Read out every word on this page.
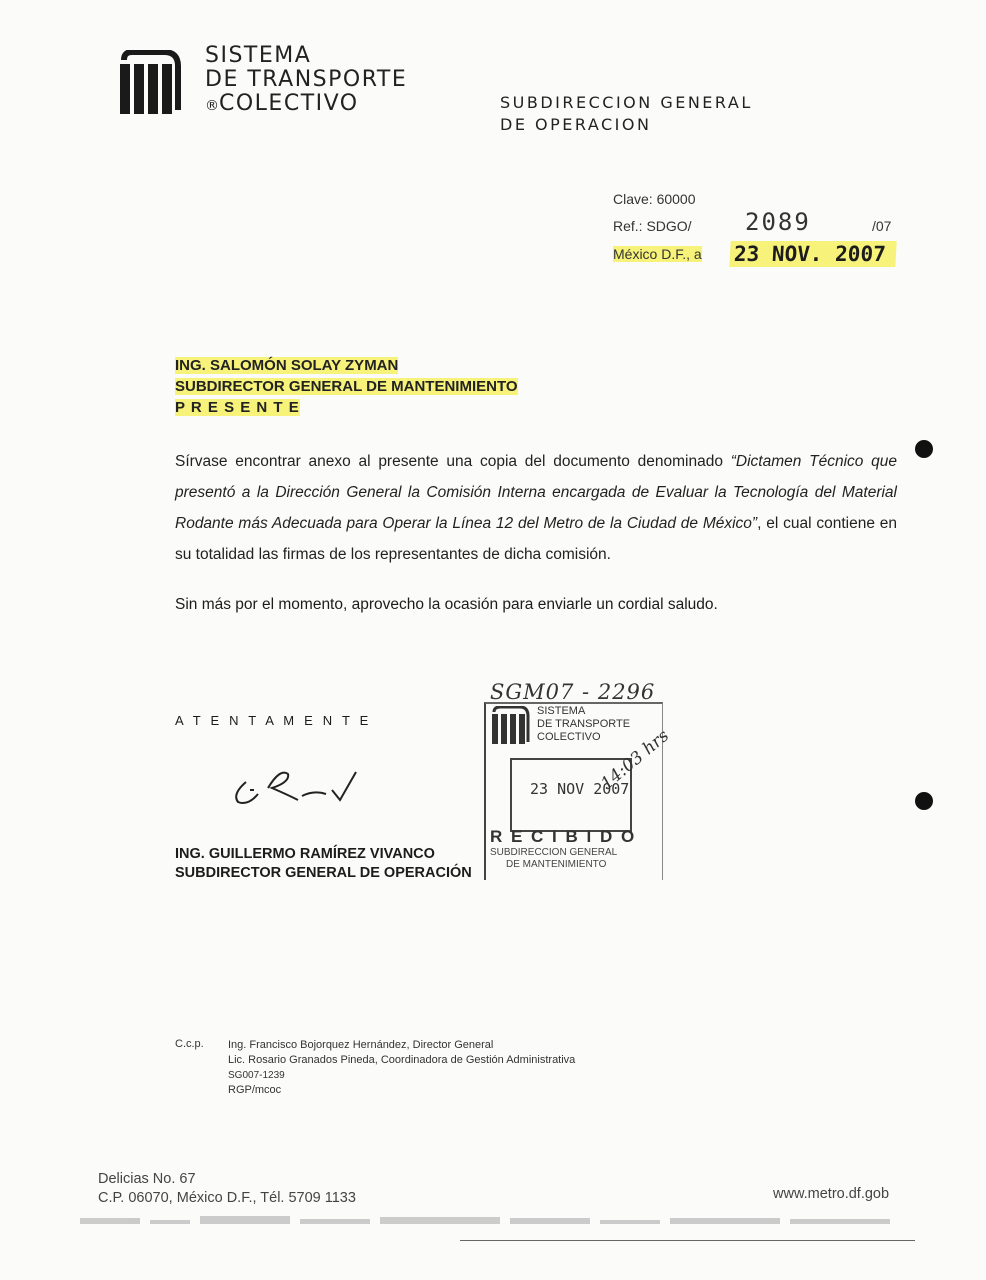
SISTEMA
DE TRANSPORTE
®COLECTIVO	SUBDIRECCION GENERAL
DE OPERACION
Clave: 60000
Ref.: SDGO/ 2089	/07
México D.F., a 23 NOV. 2007
ING. SALOMÓN SOLAY ZYMAN
SUBDIRECTOR GENERAL DE MANTENIMIENTO
P R E S E N T E
Sírvase encontrar anexo al presente una copia del documento denominado “Dictamen Técnico que presentó a la Dirección General la Comisión Interna encargada de Evaluar la Tecnología del Material Rodante más Adecuada para Operar la Línea 12 del Metro de la Ciudad de México”, el cual contiene en su totalidad las firmas de los representantes de dicha comisión.
Sin más por el momento, aprovecho la ocasión para enviarle un cordial saludo.
A T E N T A M E N T E
ING. GUILLERMO RAMÍREZ VIVANCO
SUBDIRECTOR GENERAL DE OPERACIÓN
SGM07 - 2296
SISTEMA
DE TRANSPORTE
COLECTIVO
23 NOV 2007
14:03 hrs
R E C I B I D O
SUBDIRECCION GENERAL
DE MANTENIMIENTO
C.c.p. Ing. Francisco Bojorquez Hernández, Director General
Lic. Rosario Granados Pineda, Coordinadora de Gestión Administrativa
SG007-1239
RGP/mcoc
Delicias No. 67
C.P. 06070, México D.F., Tél. 5709 1133	www.metro.df.gob
